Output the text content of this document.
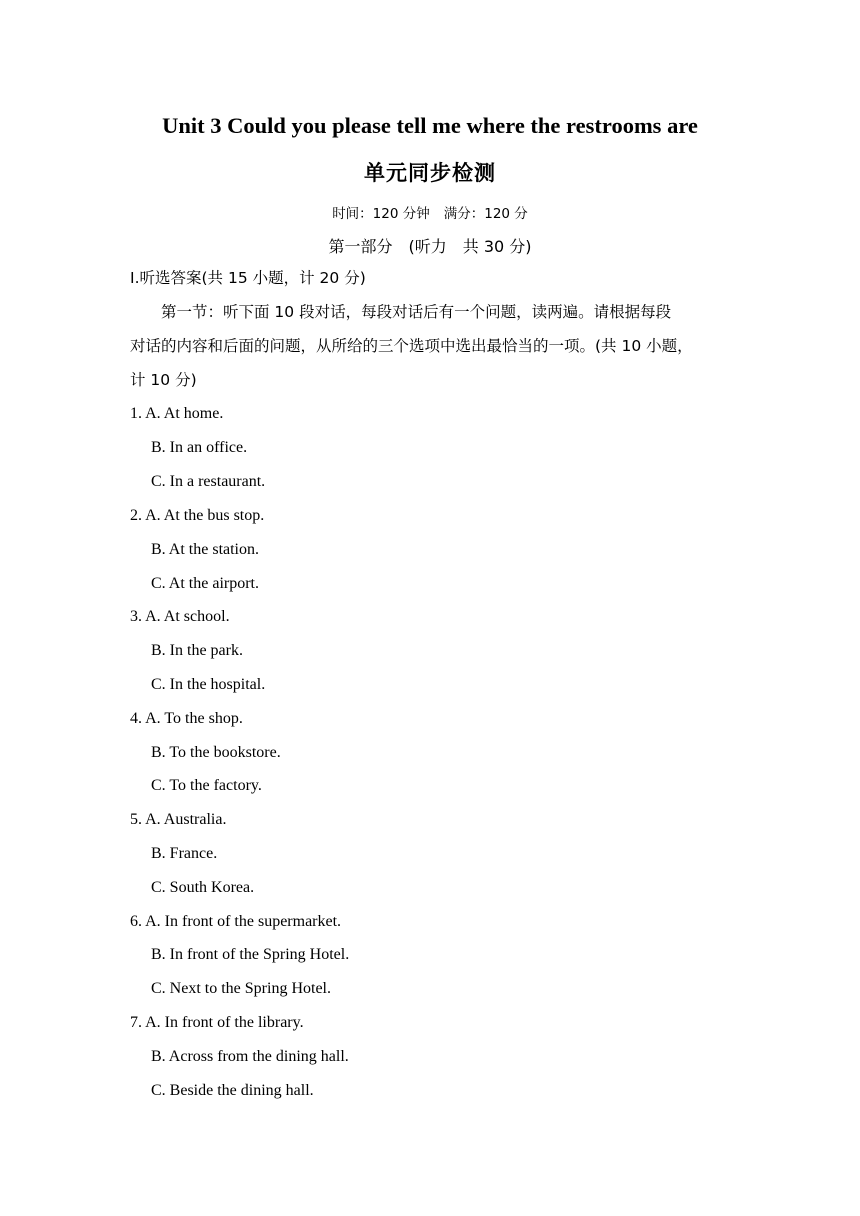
Unit 3 Could you please tell me where the restrooms are
单元同步检测
时间：120 分钟 满分：120 分
第一部分 (听力　共 30 分)
I.听选答案(共 15 小题，计 20 分)
第一节：听下面 10 段对话，每段对话后有一个问题，读两遍。请根据每段
对话的内容和后面的问题，从所给的三个选项中选出最恰当的一项。(共 10 小题，
计 10 分)
1. A. At home.
B. In an office.
C. In a restaurant.
2. A. At the bus stop.
B. At the station.
C. At the airport.
3. A. At school.
B. In the park.
C. In the hospital.
4. A. To the shop.
B. To the bookstore.
C. To the factory.
5. A. Australia.
B. France.
C. South Korea.
6. A. In front of the supermarket.
B. In front of the Spring Hotel.
C. Next to the Spring Hotel.
7. A. In front of the library.
B. Across from the dining hall.
C. Beside the dining hall.
